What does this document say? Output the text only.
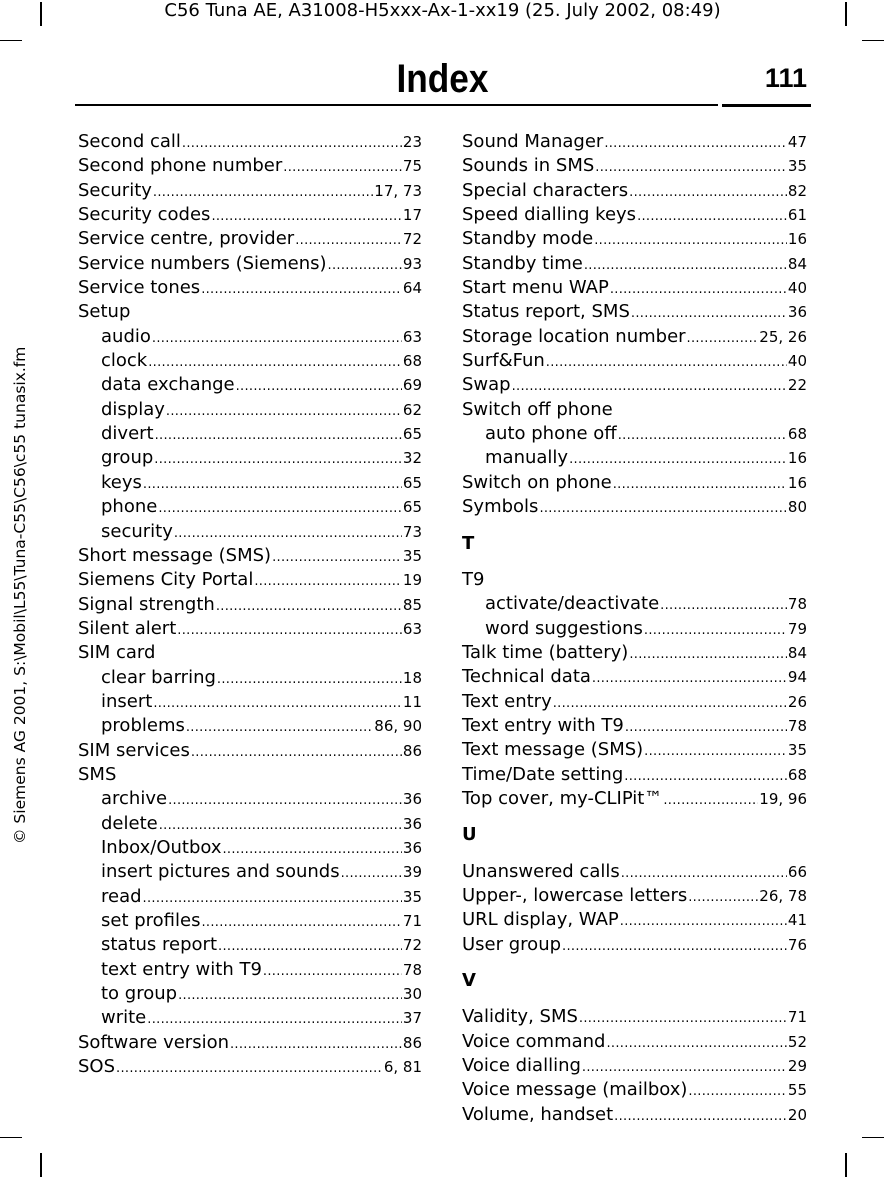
C56 Tuna AE, A31008-H5xxx-Ax-1-xx19 (25. July 2002, 08:49)
Index	111
© Siemens AG 2001, S:\Mobil\L55\Tuna-C55\C56\c55 tunasix.fm
Second call .....	23
Second phone number .....	75
Security .....	17, 73
Security codes .....	17
Service centre, provider .....	72
Service numbers (Siemens) .....	93
Service tones .....	64
Setup
audio .....	63
clock .....	68
data exchange .....	69
display .....	62
divert .....	65
group .....	32
keys .....	65
phone .....	65
security .....	73
Short message (SMS) .....	35
Siemens City Portal .....	19
Signal strength .....	85
Silent alert .....	63
SIM card
clear barring .....	18
insert .....	11
problems .....	86, 90
SIM services .....	86
SMS
archive .....	36
delete .....	36
Inbox/Outbox .....	36
insert pictures and sounds .....	39
read .....	35
set profiles .....	71
status report .....	72
text entry with T9 .....	78
to group .....	30
write .....	37
Software version .....	86
SOS .....	6, 81
Sound Manager .....	47
Sounds in SMS .....	35
Special characters .....	82
Speed dialling keys .....	61
Standby mode .....	16
Standby time .....	84
Start menu WAP .....	40
Status report, SMS .....	36
Storage location number .....	25, 26
Surf&Fun .....	40
Swap .....	22
Switch off phone
auto phone off .....	68
manually .....	16
Switch on phone .....	16
Symbols .....	80
T
T9
activate/deactivate .....	78
word suggestions .....	79
Talk time (battery) .....	84
Technical data .....	94
Text entry .....	26
Text entry with T9 .....	78
Text message (SMS) .....	35
Time/Date setting .....	68
Top cover, my-CLIPit™ .....	19, 96
U
Unanswered calls .....	66
Upper-, lowercase letters .....	26, 78
URL display, WAP .....	41
User group .....	76
V
Validity, SMS .....	71
Voice command .....	52
Voice dialling .....	29
Voice message (mailbox) .....	55
Volume, handset .....	20
